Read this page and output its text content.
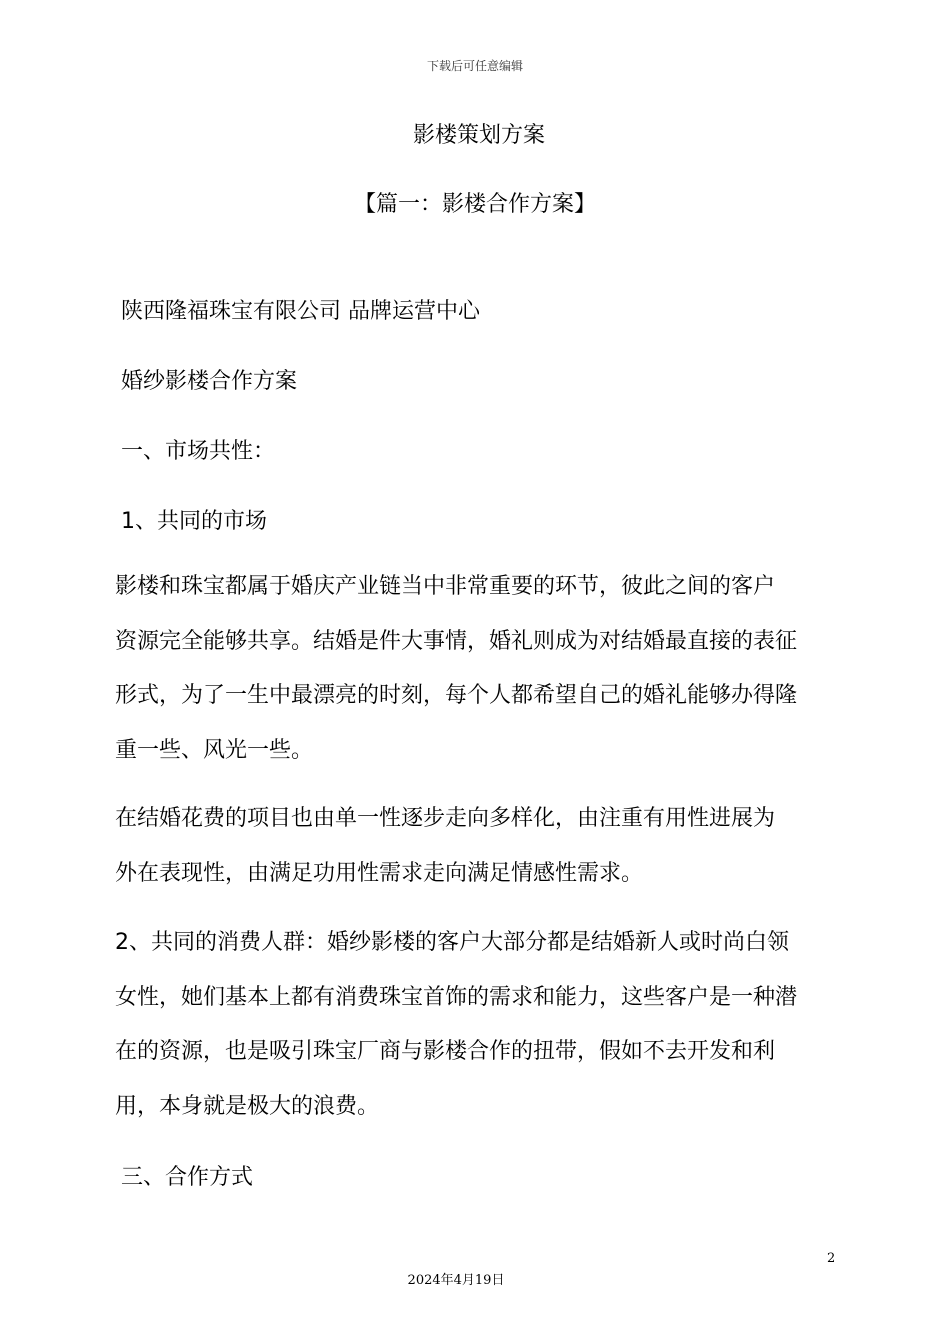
下载后可任意编辑
影楼策划方案
【篇一：影楼合作方案】
陕西隆福珠宝有限公司 品牌运营中心
婚纱影楼合作方案
一、市场共性：
1、共同的市场

影楼和珠宝都属于婚庆产业链当中非常重要的环节，彼此之间的客户

资源完全能够共享。结婚是件大事情，婚礼则成为对结婚最直接的表征

形式，为了一生中最漂亮的时刻，每个人都希望自己的婚礼能够办得隆

重一些、风光一些。

在结婚花费的项目也由单一性逐步走向多样化，由注重有用性进展为

外在表现性，由满足功用性需求走向满足情感性需求。

2、共同的消费人群：婚纱影楼的客户大部分都是结婚新人或时尚白领

女性，她们基本上都有消费珠宝首饰的需求和能力，这些客户是一种潜

在的资源，也是吸引珠宝厂商与影楼合作的扭带，假如不去开发和利

用，本身就是极大的浪费。

三、合作方式
2
2024年4月19日
